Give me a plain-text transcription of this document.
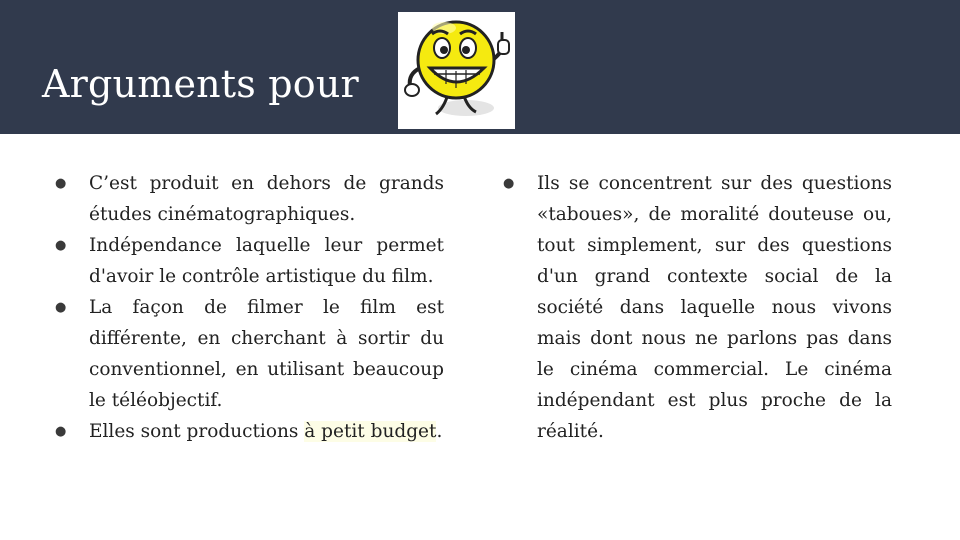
Arguments pour
● C’est produit en dehors de grands études cinématographiques.
● Indépendance laquelle leur permet d'avoir le contrôle artistique du film.
● La façon de filmer le film est différente, en cherchant à sortir du conventionnel, en utilisant beaucoup le téléobjectif.
● Elles sont productions à petit budget.
● Ils se concentrent sur des questions «taboues», de moralité douteuse ou, tout simplement, sur des questions d'un grand contexte social de la société dans laquelle nous vivons mais dont nous ne parlons pas dans le cinéma commercial. Le cinéma indépendant est plus proche de la réalité.
